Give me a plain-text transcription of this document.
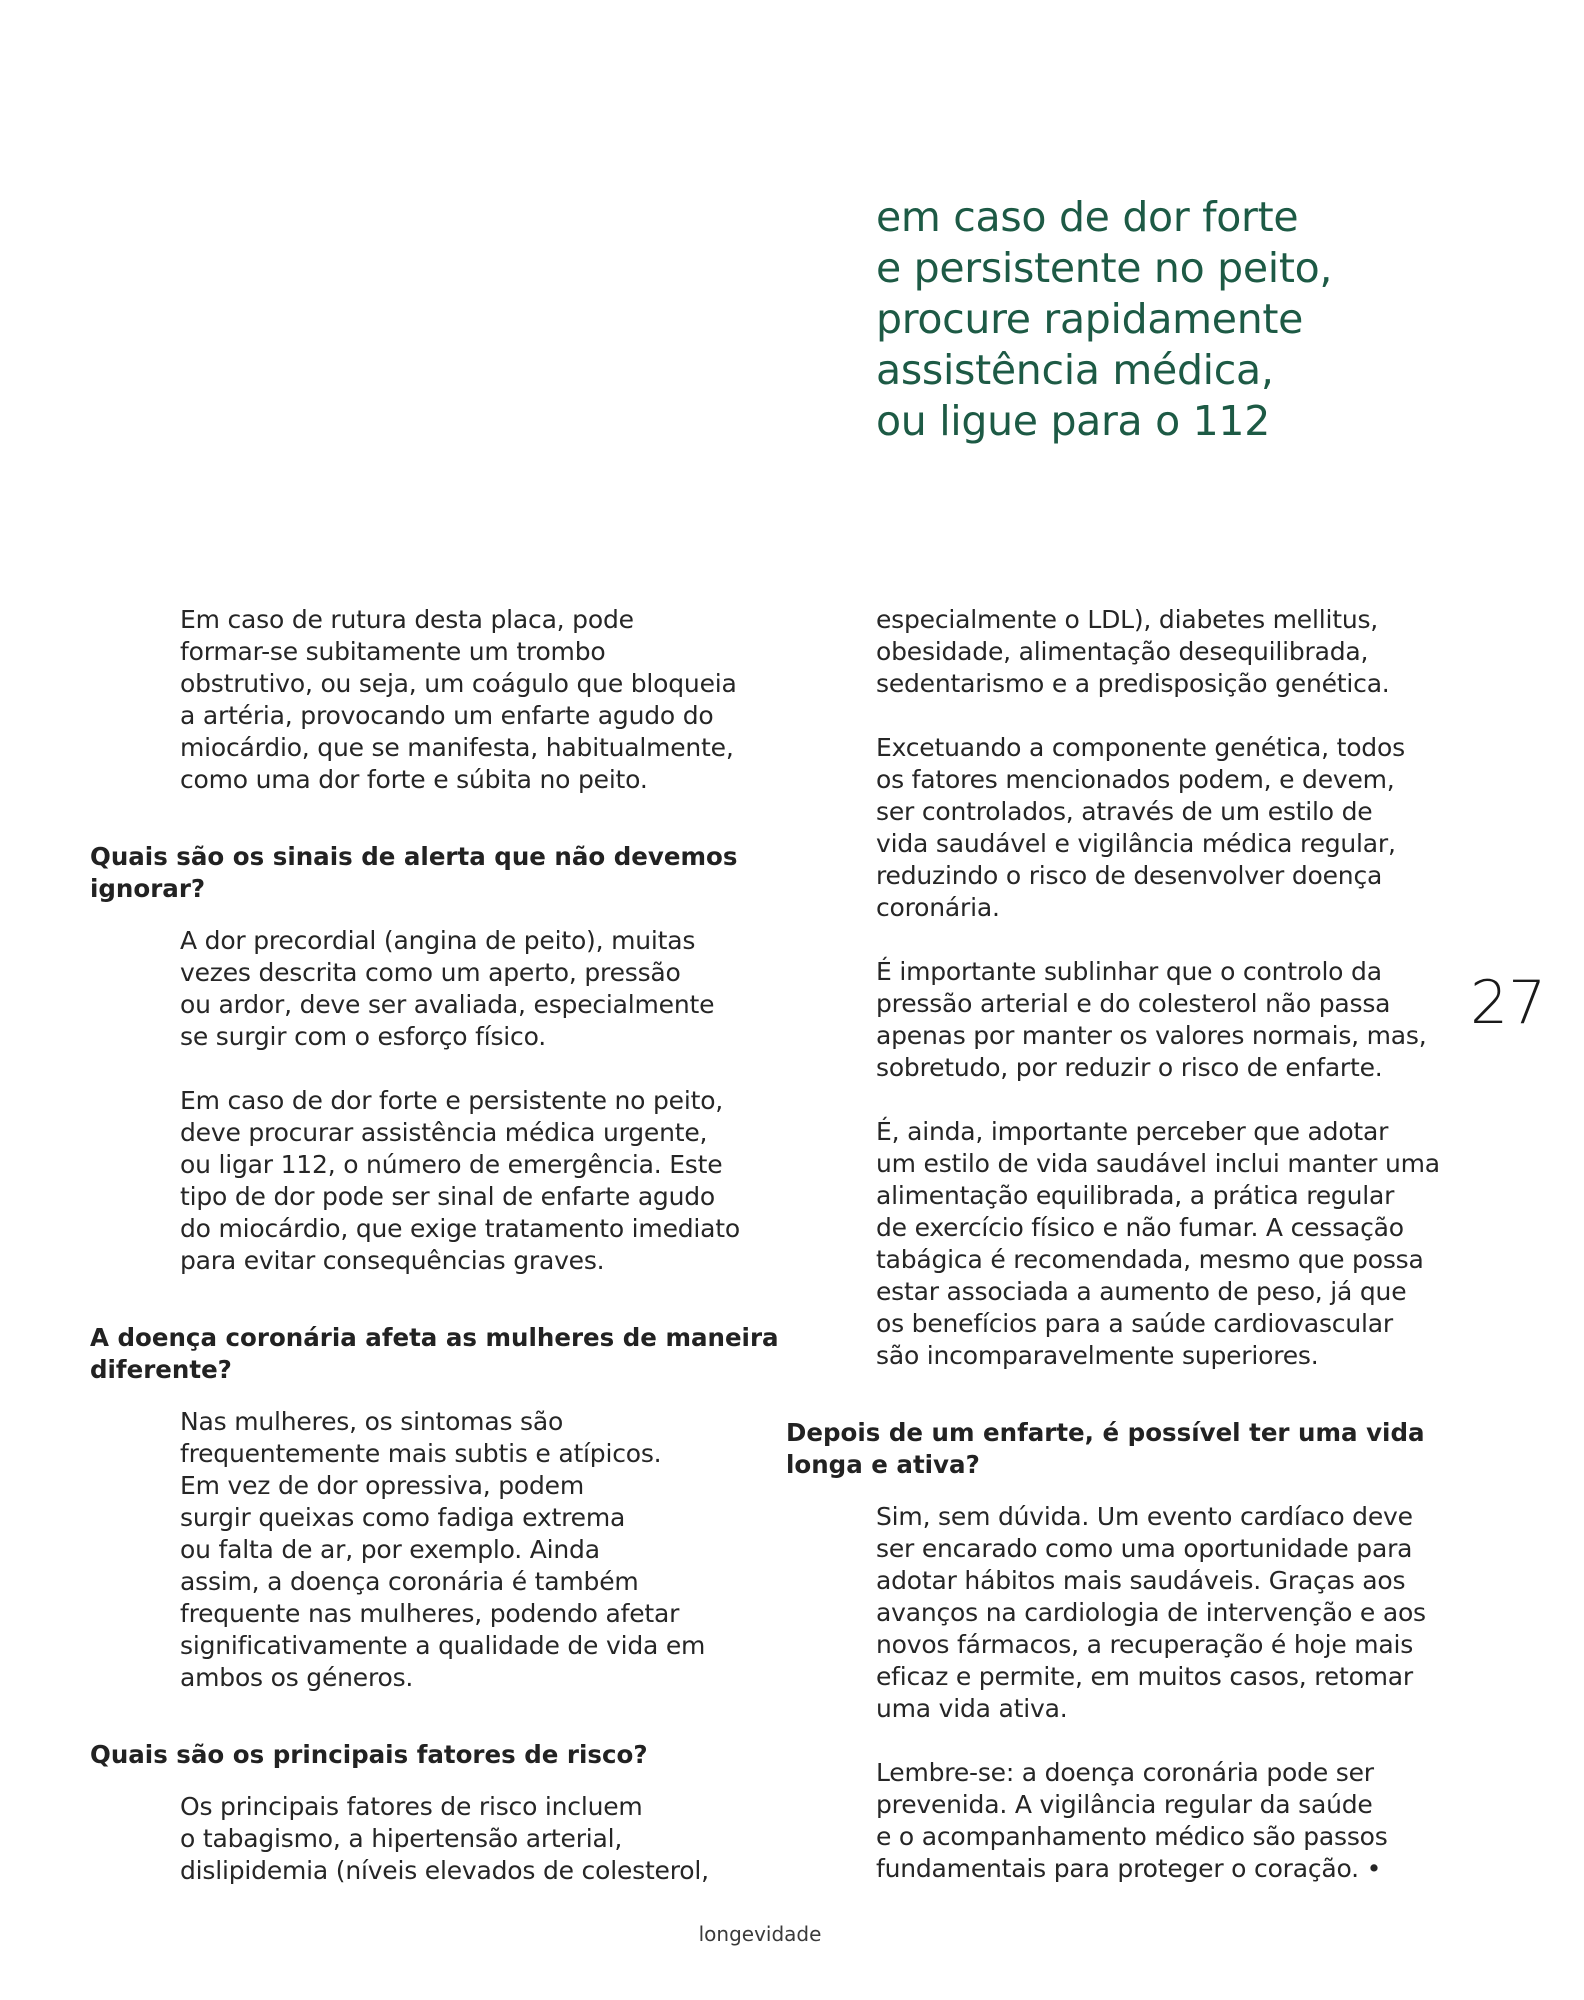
em caso de dor forte
e persistente no peito,
procure rapidamente
assistência médica,
ou ligue para o 112
Em caso de rutura desta placa, pode
formar-se subitamente um trombo
obstrutivo, ou seja, um coágulo que bloqueia
a artéria, provocando um enfarte agudo do
miocárdio, que se manifesta, habitualmente,
como uma dor forte e súbita no peito.
Quais são os sinais de alerta que não devemos
ignorar?
A dor precordial (angina de peito), muitas
vezes descrita como um aperto, pressão
ou ardor, deve ser avaliada, especialmente
se surgir com o esforço físico.
Em caso de dor forte e persistente no peito,
deve procurar assistência médica urgente,
ou ligar 112, o número de emergência. Este
tipo de dor pode ser sinal de enfarte agudo
do miocárdio, que exige tratamento imediato
para evitar consequências graves.
A doença coronária afeta as mulheres de maneira
diferente?
Nas mulheres, os sintomas são
frequentemente mais subtis e atípicos.
Em vez de dor opressiva, podem
surgir queixas como fadiga extrema
ou falta de ar, por exemplo. Ainda
assim, a doença coronária é também
frequente nas mulheres, podendo afetar
significativamente a qualidade de vida em
ambos os géneros.
Quais são os principais fatores de risco?
Os principais fatores de risco incluem
o tabagismo, a hipertensão arterial,
dislipidemia (níveis elevados de colesterol,
especialmente o LDL), diabetes mellitus,
obesidade, alimentação desequilibrada,
sedentarismo e a predisposição genética.
Excetuando a componente genética, todos
os fatores mencionados podem, e devem,
ser controlados, através de um estilo de
vida saudável e vigilância médica regular,
reduzindo o risco de desenvolver doença
coronária.
É importante sublinhar que o controlo da
pressão arterial e do colesterol não passa
apenas por manter os valores normais, mas,
sobretudo, por reduzir o risco de enfarte.
É, ainda, importante perceber que adotar
um estilo de vida saudável inclui manter uma
alimentação equilibrada, a prática regular
de exercício físico e não fumar. A cessação
tabágica é recomendada, mesmo que possa
estar associada a aumento de peso, já que
os benefícios para a saúde cardiovascular
são incomparavelmente superiores.
Depois de um enfarte, é possível ter uma vida
longa e ativa?
Sim, sem dúvida. Um evento cardíaco deve
ser encarado como uma oportunidade para
adotar hábitos mais saudáveis. Graças aos
avanços na cardiologia de intervenção e aos
novos fármacos, a recuperação é hoje mais
eficaz e permite, em muitos casos, retomar
uma vida ativa.
Lembre-se: a doença coronária pode ser
prevenida. A vigilância regular da saúde
e o acompanhamento médico são passos
fundamentais para proteger o coração. •
27
longevidade
